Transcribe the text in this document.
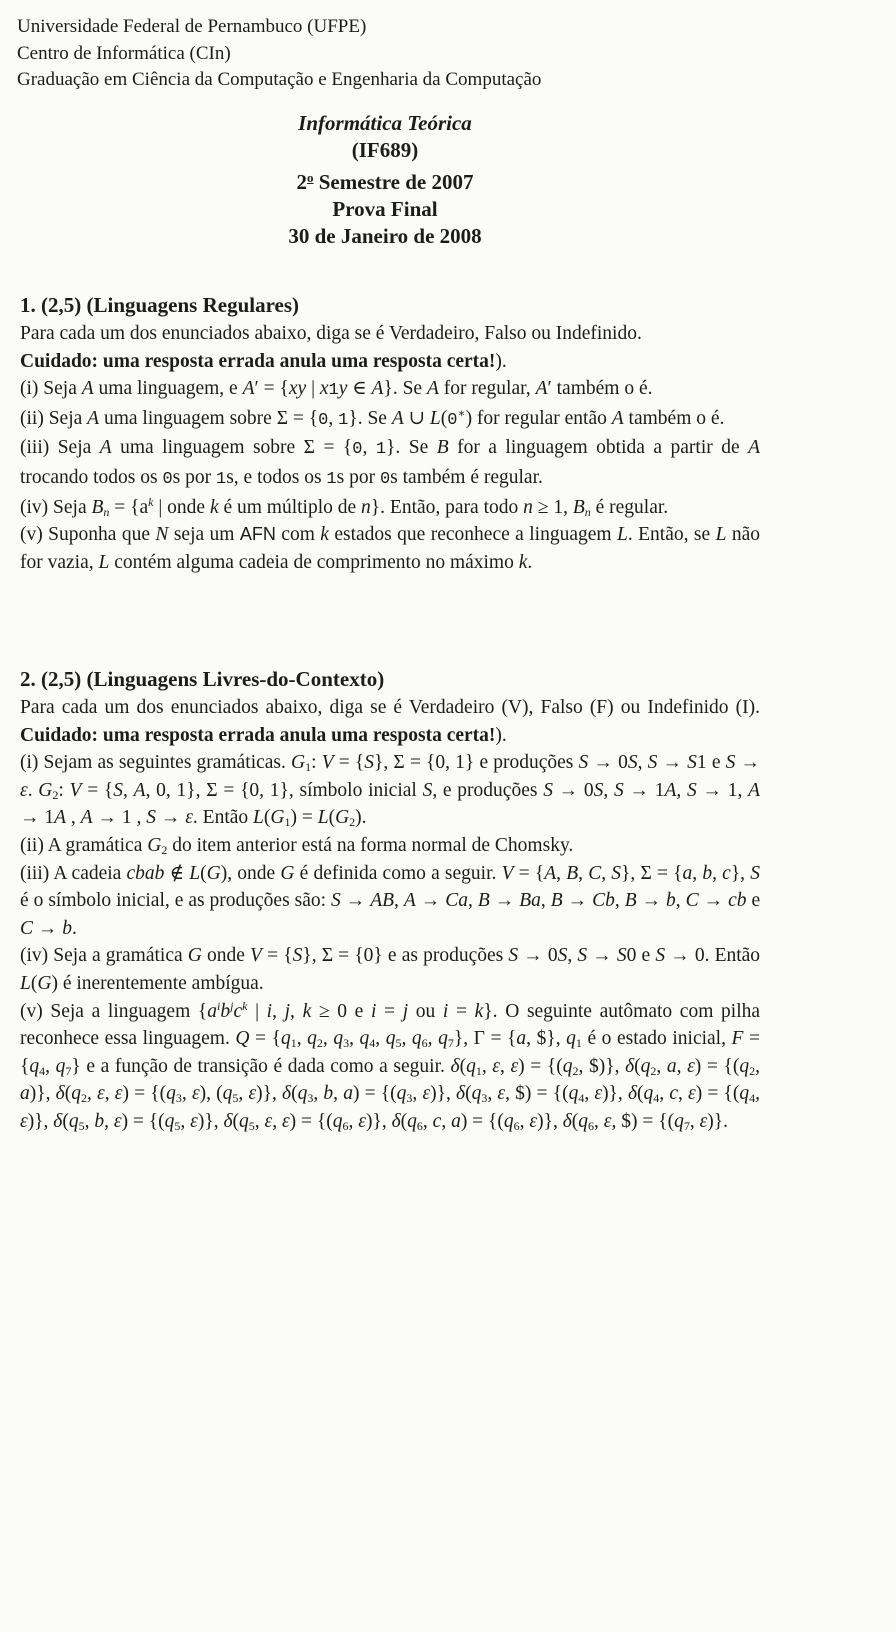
Universidade Federal de Pernambuco (UFPE)
Centro de Informática (CIn)
Graduação em Ciência da Computação e Engenharia da Computação
Informática Teórica
(IF689)
2$^o$ Semestre de 2007
Prova Final
30 de Janeiro de 2008
1. (2,5) (Linguagens Regulares)

Para cada um dos enunciados abaixo, diga se é Verdadeiro, Falso ou Indefinido.
Cuidado: uma resposta errada anula uma resposta certa!).

(i) Seja A uma linguagem, e A′ = {xy | x1y ∈ A}. Se A for regular, A′ também o é.

(ii) Seja A uma linguagem sobre Σ = {0, 1}. Se A ∪ L(0∗) for regular então A também o é.

(iii) Seja A uma linguagem sobre Σ = {0, 1}. Se B for a linguagem obtida a partir de A trocando todos os 0s por 1s, e todos os 1s por 0s também é regular.

(iv) Seja $B_n = \{a^k$ | onde k é um múltiplo de n}. Então, para todo n ≥ 1, $B_n$ é regular.

(v) Suponha que N seja um AFN com k estados que reconhece a linguagem L. Então, se L não for vazia, L contém alguma cadeia de comprimento no máximo k.

2. (2,5) (Linguagens Livres-do-Contexto)

Para cada um dos enunciados abaixo, diga se é Verdadeiro (V), Falso (F) ou Indefinido (I). Cuidado: uma resposta errada anula uma resposta certa!).

(i) Sejam as seguintes gramáticas. $G_1$: V = {S}, Σ = {0, 1} e produções S → 0S, S → S1 e S → ε. $G_2$: V = {S, A, 0, 1}, Σ = {0, 1}, símbolo inicial S, e produções S → 0S, S → 1A, S → 1, A → 1A , A → 1 , S → ε. Então $L(G_1) = L(G_2)$.

(ii) A gramática $G_2$ do item anterior está na forma normal de Chomsky.

(iii) A cadeia cbab ∉ L(G), onde G é definida como a seguir. V = {A, B, C, S}, Σ = {a, b, c}, S é o símbolo inicial, e as produções são: S → AB, A → Ca, B → Ba, B → Cb, B → b, C → cb e C → b.

(iv) Seja a gramática G onde V = {S}, Σ = {0} e as produções S → 0S, S → S0 e S → 0. Então L(G) é inerentemente ambígua.

(v) Seja a linguagem {$a^ib^jc^k$ | i, j, k ≥ 0 e i = j ou i = k}. O seguinte autômato com pilha reconhece essa linguagem. $Q = \{q_1$, $q_2$, $q_3$, $q_4$, $q_5$, $q_6$, $q_7$}, Γ = {a, $}, $q_1$ é o estado inicial, $F = \{q_4$, $q_7$} e a função de transição é dada como a seguir. $\delta(q_1$, ε, $\varepsilon) = \{(q_2$, $)}, $\delta(q_2$, a, $\varepsilon) = \{(q_2$, a)}, $\delta(q_2$, ε, $\varepsilon) = \{(q_3$, ε), ($q_5$, ε)}, $\delta(q_3$, b, $a) = \{(q_3$, ε)}, $\delta(q_3$, ε, $) = {($q_4$, ε)}, $\delta(q_4$, c, $\varepsilon) = \{(q_4$, ε)}, $\delta(q_5$, b, $\varepsilon) = \{(q_5$, ε)}, $\delta(q_5$, ε, $\varepsilon) = \{(q_6$, ε)}, $\delta(q_6$, c, $a) = \{(q_6$, ε)}, $\delta(q_6$, ε, $) = {($q_7$, ε)}.
